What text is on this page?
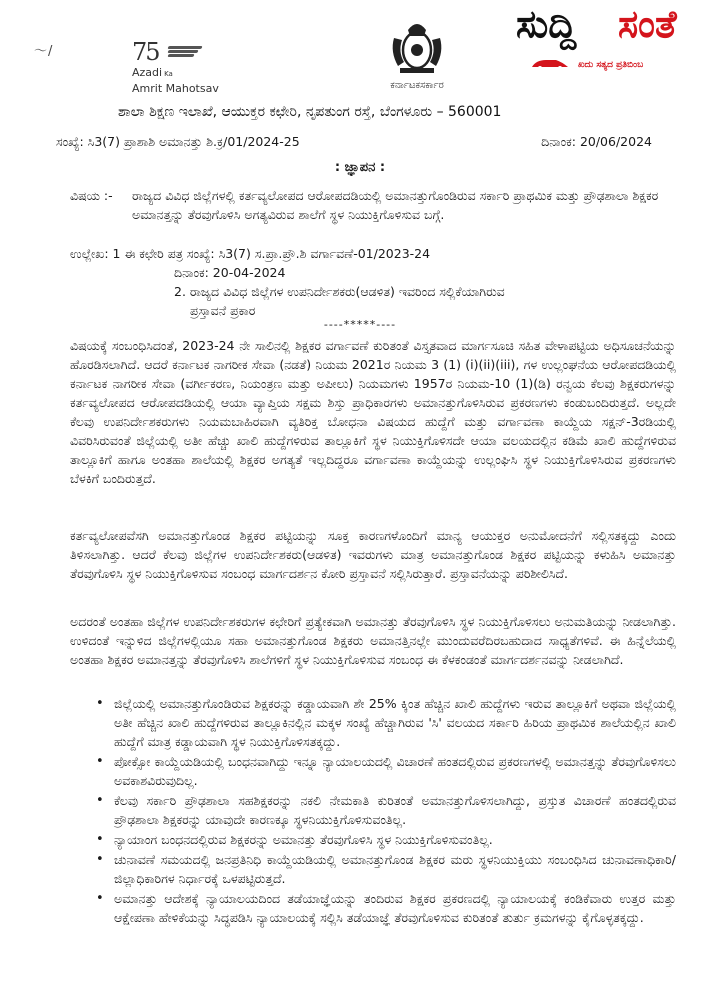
〜/	75
Azadi Ka
Amrit Mahotsav	ಕರ್ನಾಟಕಸರ್ಕಾರ
ಸುದ್ದಿ ಸಂತೆ
ಖದು ಸತ್ಯದ ಪ್ರತಿಬಿಂಬ
ಶಾಲಾ ಶಿಕ್ಷಣ ಇಲಾಖೆ, ಆಯುಕ್ತರ ಕಛೇರಿ, ನೃಪತುಂಗ ರಸ್ತೆ, ಬೆಂಗಳೂರು – 560001
ಸಂಖ್ಯೆ: ಸಿ3(7) ಪ್ರಾಶಾಶಿ ಅಮಾನತ್ತು ಶಿ.ಕ್ರ/01/2024-25	ದಿನಾಂಕ: 20/06/2024
: ಜ್ಞಾಪನ :
ವಿಷಯ :- ರಾಜ್ಯದ ವಿವಿಧ ಜಿಲ್ಲೆಗಳಲ್ಲಿ ಕರ್ತವ್ಯಲೋಪದ ಆರೋಪದಡಿಯಲ್ಲಿ ಅಮಾನತ್ತುಗೊಂಡಿರುವ ಸರ್ಕಾರಿ ಪ್ರಾಥಮಿಕ ಮತ್ತು ಪ್ರೌಢಶಾಲಾ ಶಿಕ್ಷಕರ ಅಮಾನತ್ತನ್ನು ತೆರವುಗೊಳಿಸಿ ಅಗತ್ಯವಿರುವ ಶಾಲೆಗೆ ಸ್ಥಳ ನಿಯುಕ್ತಿಗೊಳಿಸುವ ಬಗ್ಗೆ.
ಉಲ್ಲೇಖ: 1 ಈ ಕಛೇರಿ ಪತ್ರ ಸಂಖ್ಯೆ: ಸಿ3(7) ಸ.ಪ್ರಾ.ಪ್ರೌ.ಶಿ ವರ್ಗಾವಣೆ-01/2023-24
ದಿನಾಂಕ: 20-04-2024
2. ರಾಜ್ಯದ ವಿವಿಧ ಜಿಲ್ಲೆಗಳ ಉಪನಿರ್ದೇಶಕರು(ಆಡಳಿತ) ಇವರಿಂದ ಸಲ್ಲಿಕೆಯಾಗಿರುವ
ಪ್ರಸ್ತಾವನೆ ಪ್ರಕಾರ
----*****----

ವಿಷಯಕ್ಕೆ ಸಂಬಂಧಿಸಿದಂತೆ, 2023-24 ನೇ ಸಾಲಿನಲ್ಲಿ ಶಿಕ್ಷಕರ ವರ್ಗಾವಣೆ ಕುರಿತಂತೆ ವಿಸ್ತೃತವಾದ ಮಾರ್ಗಸೂಚಿ ಸಹಿತ ವೇಳಾಪಟ್ಟಿಯ ಅಧಿಸೂಚನೆಯನ್ನು ಹೊರಡಿಸಲಾಗಿದೆ. ಆದರೆ ಕರ್ನಾಟಕ ನಾಗರೀಕ ಸೇವಾ (ನಡತೆ) ನಿಯಮ 2021ರ ನಿಯಮ 3 (1) (i)(ii)(iii), ಗಳ ಉಲ್ಲಂಘನೆಯ ಆರೋಪದಡಿಯಲ್ಲಿ ಕರ್ನಾಟಕ ನಾಗರೀಕ ಸೇವಾ (ವರ್ಗೀಕರಣ, ನಿಯಂತ್ರಣ ಮತ್ತು ಅಪೀಲು) ನಿಯಮಗಳು 1957ರ ನಿಯಮ-10 (1)(ಡಿ) ರನ್ವಯ ಕೆಲವು ಶಿಕ್ಷಕರುಗಳನ್ನು ಕರ್ತವ್ಯಲೋಪದ ಆರೋಪದಡಿಯಲ್ಲಿ ಆಯಾ ವ್ಯಾಪ್ತಿಯ ಸಕ್ಷಮ ಶಿಸ್ತು ಪ್ರಾಧಿಕಾರಗಳು ಅಮಾನತ್ತುಗೊಳಿಸಿರುವ ಪ್ರಕರಣಗಳು ಕಂಡುಬಂದಿರುತ್ತದೆ. ಅಲ್ಲದೇ ಕೆಲವು ಉಪನಿರ್ದೇಶಕರುಗಳು ನಿಯಮಬಾಹಿರವಾಗಿ ವ್ಯತಿರಿಕ್ತ ಬೋಧನಾ ವಿಷಯದ ಹುದ್ದೆಗೆ ಮತ್ತು ವರ್ಗಾವಣಾ ಕಾಯ್ದೆಯ ಸಕ್ಷನ್-3ರಡಿಯಲ್ಲಿ ವಿವರಿಸಿರುವಂತೆ ಜಿಲ್ಲೆಯಲ್ಲಿ ಅತೀ ಹೆಚ್ಚು ಖಾಲಿ ಹುದ್ದೆಗಳಿರುವ ತಾಲ್ಲೂಕಿಗೆ ಸ್ಥಳ ನಿಯುಕ್ತಿಗೊಳಿಸದೇ ಆಯಾ ವಲಯದಲ್ಲಿನ ಕಡಿಮೆ ಖಾಲಿ ಹುದ್ದೆಗಳಿರುವ ತಾಲ್ಲೂಕಿಗೆ ಹಾಗೂ ಅಂತಹಾ ಶಾಲೆಯಲ್ಲಿ ಶಿಕ್ಷಕರ ಅಗತ್ಯತೆ ಇಲ್ಲದಿದ್ದರೂ ವರ್ಗಾವಣಾ ಕಾಯ್ದೆಯನ್ನು ಉಲ್ಲಂಘಿಸಿ ಸ್ಥಳ ನಿಯುಕ್ತಿಗೊಳಿಸಿರುವ ಪ್ರಕರಣಗಳು ಬೆಳಕಿಗೆ ಬಂದಿರುತ್ತದೆ.

ಕರ್ತವ್ಯಲೋಪವೆಸಗಿ ಅಮಾನತ್ತುಗೊಂಡ ಶಿಕ್ಷಕರ ಪಟ್ಟಿಯನ್ನು ಸೂಕ್ತ ಕಾರಣಗಳೊಂದಿಗೆ ಮಾನ್ಯ ಆಯುಕ್ತರ ಅನುಮೋದನೆಗೆ ಸಲ್ಲಿಸತಕ್ಕದ್ದು ಎಂದು ತಿಳಿಸಲಾಗಿತ್ತು. ಆದರೆ ಕೆಲವು ಜಿಲ್ಲೆಗಳ ಉಪನಿರ್ದೇಶಕರು(ಆಡಳಿತ) ಇವರುಗಳು ಮಾತ್ರ ಅಮಾನತ್ತುಗೊಂಡ ಶಿಕ್ಷಕರ ಪಟ್ಟಿಯನ್ನು ಕಳುಹಿಸಿ ಅಮಾನತ್ತು ತೆರವುಗೊಳಿಸಿ ಸ್ಥಳ ನಿಯುಕ್ತಿಗೊಳಿಸುವ ಸಂಬಂಧ ಮಾರ್ಗದರ್ಶನ ಕೋರಿ ಪ್ರಸ್ತಾವನೆ ಸಲ್ಲಿಸಿರುತ್ತಾರೆ. ಪ್ರಸ್ತಾವನೆಯನ್ನು ಪರಿಶೀಲಿಸಿದೆ.

ಅದರಂತೆ ಅಂತಹಾ ಜಿಲ್ಲೆಗಳ ಉಪನಿರ್ದೇಶಕರುಗಳ ಕಛೇರಿಗೆ ಪ್ರತ್ಯೇಕವಾಗಿ ಅಮಾನತ್ತು ತೆರವುಗೊಳಿಸಿ ಸ್ಥಳ ನಿಯುಕ್ತಿಗೊಳಿಸಲು ಅನುಮತಿಯನ್ನು ನೀಡಲಾಗಿತ್ತು. ಉಳಿದಂತೆ ಇನ್ನುಳಿದ ಜಿಲ್ಲೆಗಳಲ್ಲಿಯೂ ಸಹಾ ಅಮಾನತ್ತುಗೊಂಡ ಶಿಕ್ಷಕರು ಅಮಾನತ್ತಿನಲ್ಲೇ ಮುಂದುವರೆದಿರಬಹುದಾದ ಸಾಧ್ಯತೆಗಳಿವೆ. ಈ ಹಿನ್ನೆಲೆಯಲ್ಲಿ ಅಂತಹಾ ಶಿಕ್ಷಕರ ಅಮಾನತ್ತನ್ನು ತೆರವುಗೊಳಿಸಿ ಶಾಲೆಗಳಿಗೆ ಸ್ಥಳ ನಿಯುಕ್ತಿಗೊಳಿಸುವ ಸಂಬಂಧ ಈ ಕೆಳಕಂಡಂತೆ ಮಾರ್ಗದರ್ಶನವನ್ನು ನೀಡಲಾಗಿದೆ.

• ಜಿಲ್ಲೆಯಲ್ಲಿ ಅಮಾನತ್ತುಗೊಂಡಿರುವ ಶಿಕ್ಷಕರನ್ನು ಕಡ್ಡಾಯವಾಗಿ ಶೇ 25% ಕ್ಕಿಂತ ಹೆಚ್ಚಿನ ಖಾಲಿ ಹುದ್ದೆಗಳು ಇರುವ ತಾಲ್ಲೂಕಿಗೆ ಅಥವಾ ಜಿಲ್ಲೆಯಲ್ಲಿ ಅತೀ ಹೆಚ್ಚಿನ ಖಾಲಿ ಹುದ್ದೆಗಳಿರುವ ತಾಲ್ಲೂಕಿನಲ್ಲಿನ ಮಕ್ಕಳ ಸಂಖ್ಯೆ ಹೆಚ್ಚಾಗಿರುವ 'ಸಿ' ವಲಯದ ಸರ್ಕಾರಿ ಹಿರಿಯ ಪ್ರಾಥಮಿಕ ಶಾಲೆಯಲ್ಲಿನ ಖಾಲಿ ಹುದ್ದೆಗೆ ಮಾತ್ರ ಕಡ್ಡಾಯವಾಗಿ ಸ್ಥಳ ನಿಯುಕ್ತಿಗೊಳಿಸತಕ್ಕದ್ದು.
• ಪೋಕ್ಸೋ ಕಾಯ್ದೆಯಡಿಯಲ್ಲಿ ಬಂಧನವಾಗಿದ್ದು ಇನ್ನೂ ನ್ಯಾಯಾಲಯದಲ್ಲಿ ವಿಚಾರಣೆ ಹಂತದಲ್ಲಿರುವ ಪ್ರಕರಣಗಳಲ್ಲಿ ಅಮಾನತ್ತನ್ನು ತೆರವುಗೊಳಿಸಲು ಅವಕಾಶವಿರುವುದಿಲ್ಲ.
• ಕೆಲವು ಸರ್ಕಾರಿ ಪ್ರೌಢಶಾಲಾ ಸಹಶಿಕ್ಷಕರನ್ನು ನಕಲಿ ನೇಮಕಾತಿ ಕುರಿತಂತೆ ಅಮಾನತ್ತುಗೊಳಿಸಲಾಗಿದ್ದು, ಪ್ರಸ್ತುತ ವಿಚಾರಣೆ ಹಂತದಲ್ಲಿರುವ ಪ್ರೌಢಶಾಲಾ ಶಿಕ್ಷಕರನ್ನು ಯಾವುದೇ ಕಾರಣಕ್ಕೂ ಸ್ಥಳನಿಯುಕ್ತಿಗೊಳಿಸುವಂತಿಲ್ಲ.
• ನ್ಯಾಯಾಂಗ ಬಂಧನದಲ್ಲಿರುವ ಶಿಕ್ಷಕರನ್ನು ಅಮಾನತ್ತು ತೆರವುಗೊಳಿಸಿ ಸ್ಥಳ ನಿಯುಕ್ತಿಗೊಳಿಸುವಂತಿಲ್ಲ.
• ಚುನಾವಣೆ ಸಮಯದಲ್ಲಿ ಜನಪ್ರತಿನಿಧಿ ಕಾಯ್ದೆಯಡಿಯಲ್ಲಿ ಅಮಾನತ್ತುಗೊಂಡ ಶಿಕ್ಷಕರ ಮರು ಸ್ಥಳನಿಯುಕ್ತಿಯು ಸಂಬಂಧಿಸಿದ ಚುನಾವಣಾಧಿಕಾರಿ/ಜಿಲ್ಲಾಧಿಕಾರಿಗಳ ನಿರ್ಧಾರಕ್ಕೆ ಒಳಪಟ್ಟಿರುತ್ತದೆ.
• ಅಮಾನತ್ತು ಆದೇಶಕ್ಕೆ ನ್ಯಾಯಾಲಯದಿಂದ ತಡೆಯಾಜ್ಞೆಯನ್ನು ತಂದಿರುವ ಶಿಕ್ಷಕರ ಪ್ರಕರಣದಲ್ಲಿ ನ್ಯಾಯಾಲಯಕ್ಕೆ ಕಂಡಿಕೆವಾರು ಉತ್ತರ ಮತ್ತು ಆಕ್ಷೇಪಣಾ ಹೇಳಿಕೆಯನ್ನು ಸಿದ್ಧಪಡಿಸಿ ನ್ಯಾಯಾಲಯಕ್ಕೆ ಸಲ್ಲಿಸಿ ತಡೆಯಾಜ್ಞೆ ತೆರವುಗೊಳಿಸುವ ಕುರಿತಂತೆ ತುರ್ತು ಕ್ರಮಗಳನ್ನು ಕೈಗೊಳ್ಳತಕ್ಕದ್ದು.
